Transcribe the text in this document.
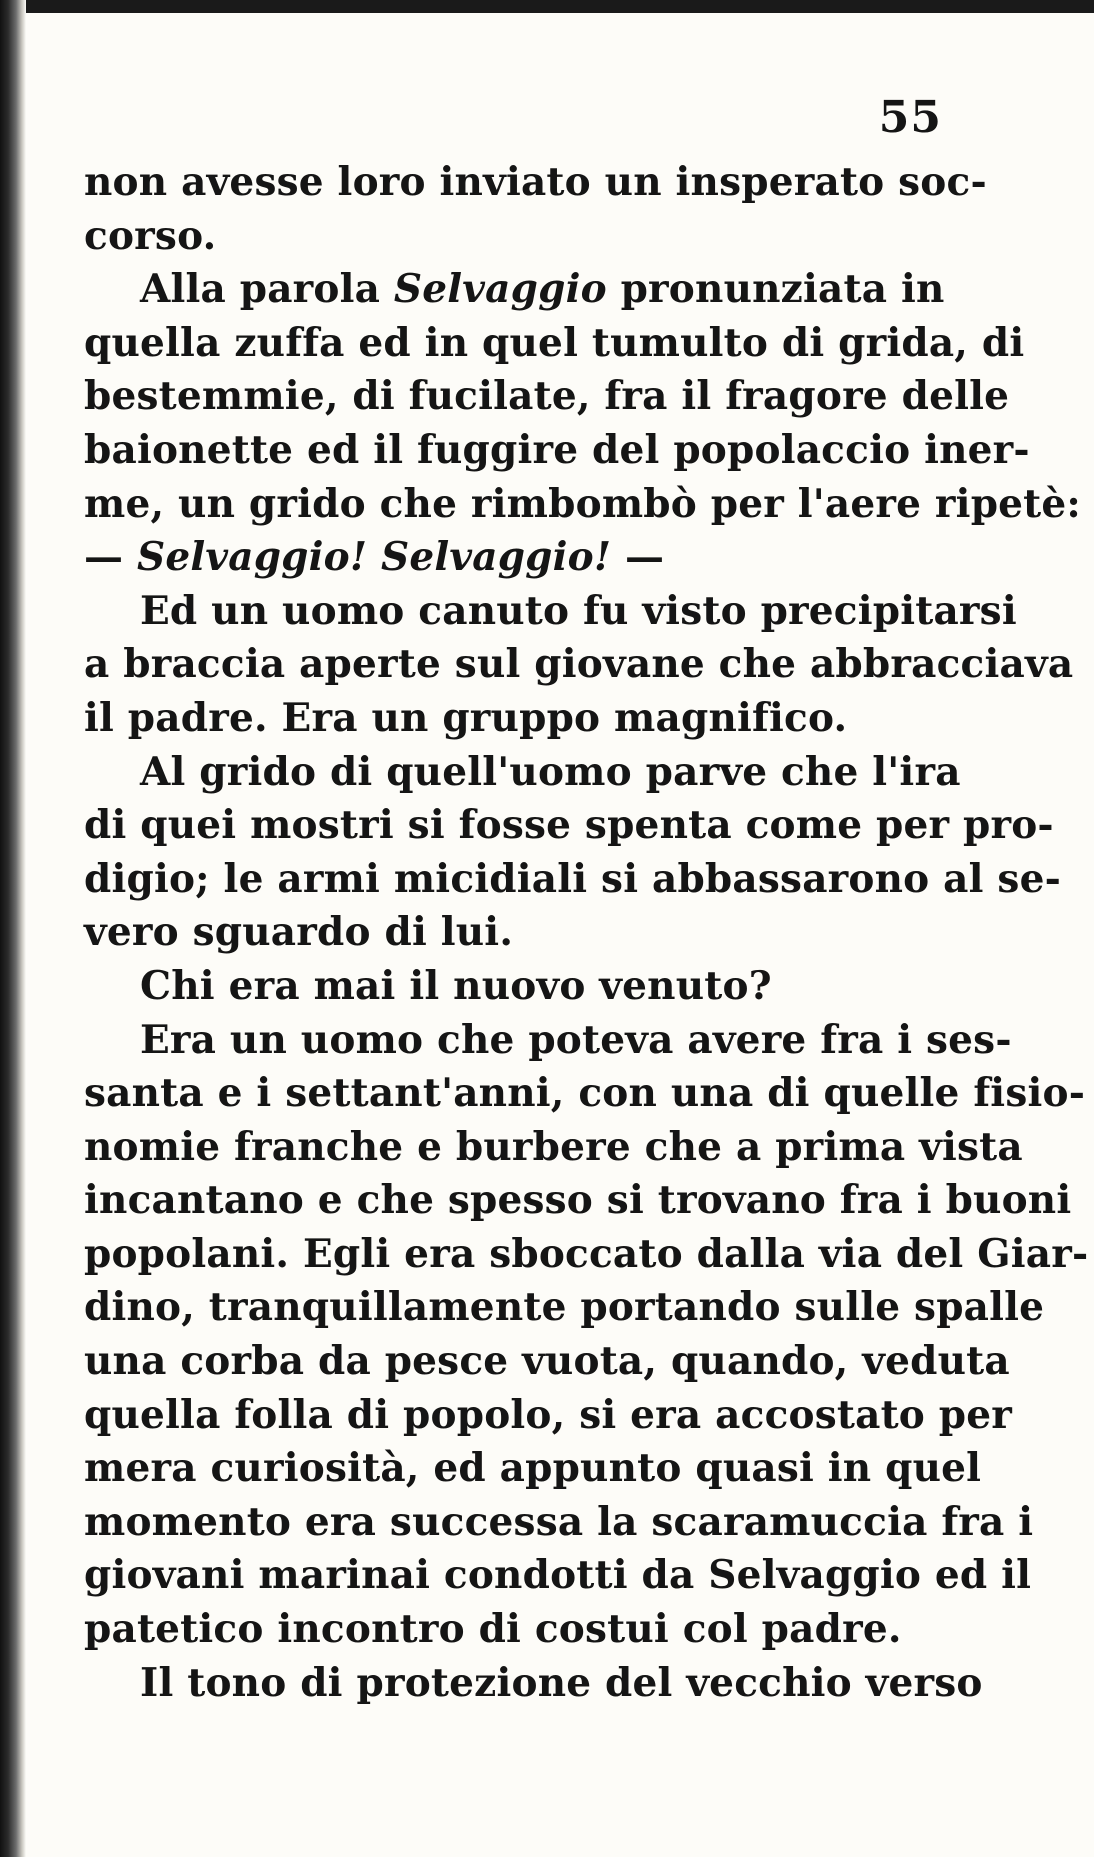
55
non avesse loro inviato un insperato soc-
corso.
Alla parola Selvaggio pronunziata in
quella zuffa ed in quel tumulto di grida, di
bestemmie, di fucilate, fra il fragore delle
baionette ed il fuggire del popolaccio iner-
me, un grido che rimbombò per l'aere ripetè:
— Selvaggio! Selvaggio! —
Ed un uomo canuto fu visto precipitarsi
a braccia aperte sul giovane che abbracciava
il padre. Era un gruppo magnifico.
Al grido di quell'uomo parve che l'ira
di quei mostri si fosse spenta come per pro-
digio; le armi micidiali si abbassarono al se-
vero sguardo di lui.
Chi era mai il nuovo venuto?
Era un uomo che poteva avere fra i ses-
santa e i settant'anni, con una di quelle fisio-
nomie franche e burbere che a prima vista
incantano e che spesso si trovano fra i buoni
popolani. Egli era sboccato dalla via del Giar-
dino, tranquillamente portando sulle spalle
una corba da pesce vuota, quando, veduta
quella folla di popolo, si era accostato per
mera curiosità, ed appunto quasi in quel
momento era successa la scaramuccia fra i
giovani marinai condotti da Selvaggio ed il
patetico incontro di costui col padre.
Il tono di protezione del vecchio verso
